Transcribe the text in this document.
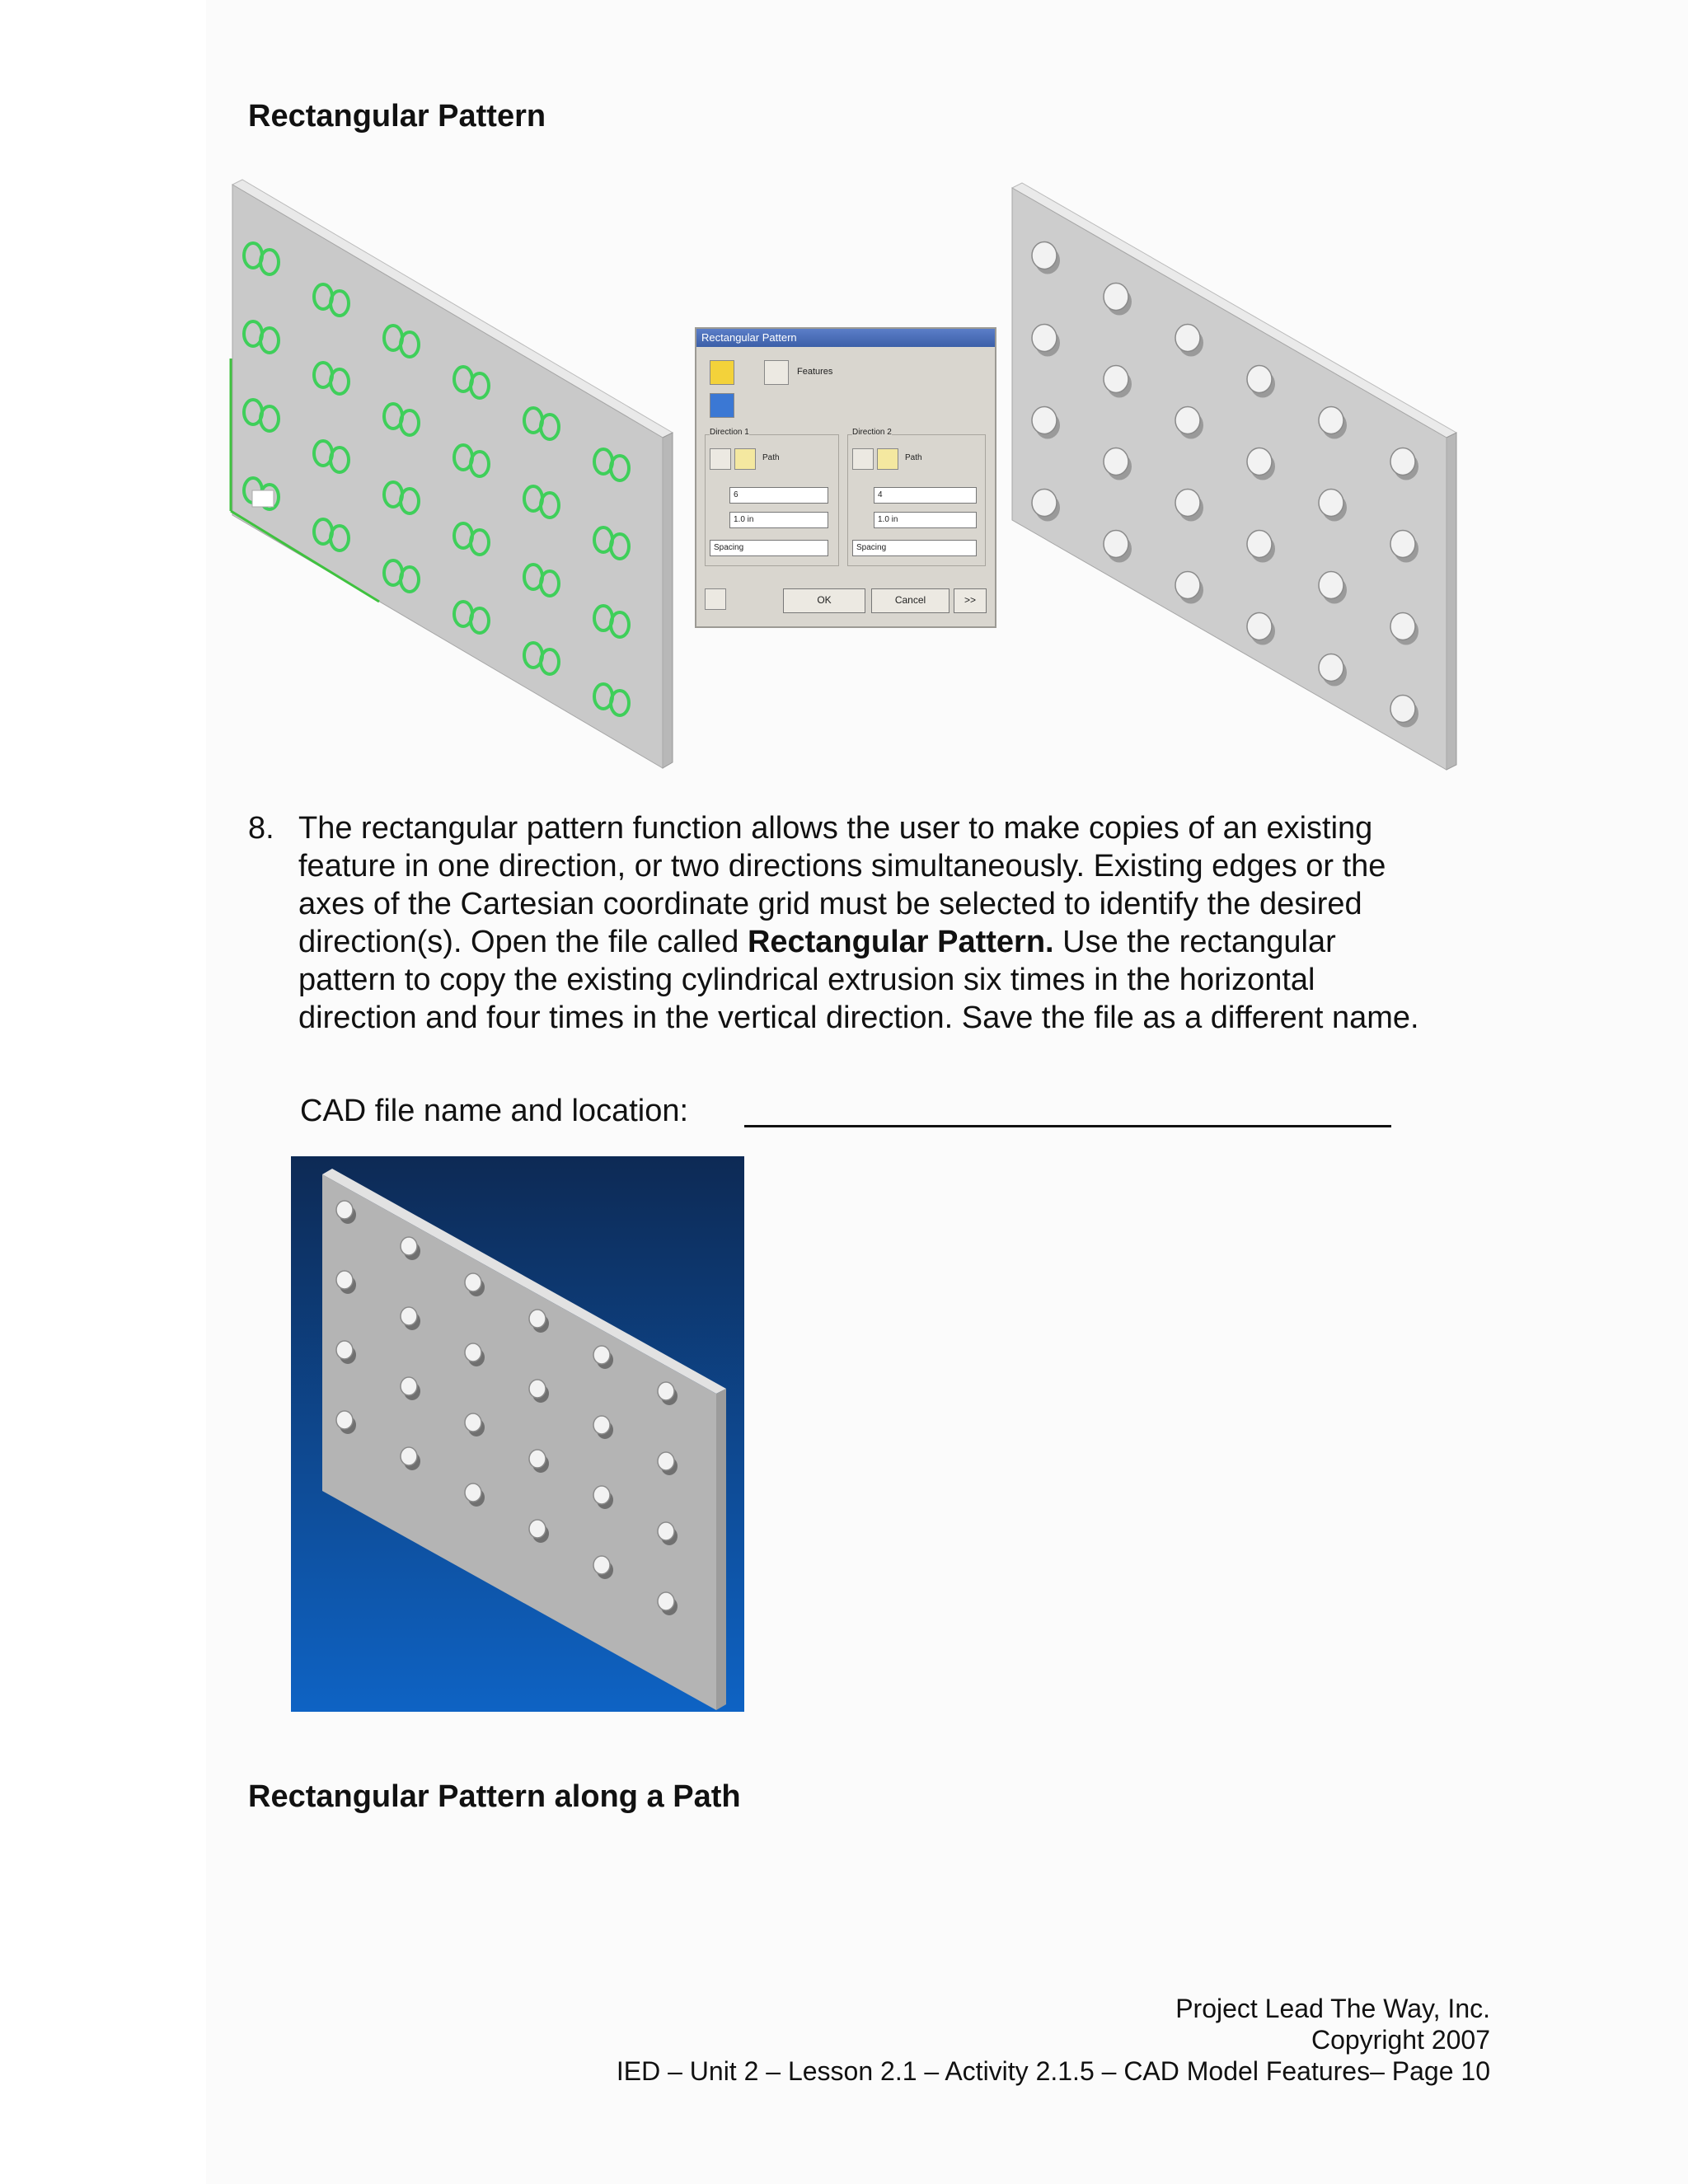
Rectangular Pattern
Rectangular Pattern
Features
Direction 1
Path
6
1.0 in
Spacing
Direction 2
Path
4
1.0 in
Spacing
OK	Cancel	>>
8. The rectangular pattern function allows the user to make copies of an existing
feature in one direction, or two directions simultaneously. Existing edges or the
axes of the Cartesian coordinate grid must be selected to identify the desired
direction(s). Open the file called Rectangular Pattern. Use the rectangular
pattern to copy the existing cylindrical extrusion six times in the horizontal
direction and four times in the vertical direction. Save the file as a different name.
CAD file name and location:
Rectangular Pattern along a Path
Project Lead The Way, Inc.
Copyright 2007
IED – Unit 2 – Lesson 2.1 – Activity 2.1.5 – CAD Model Features– Page 10
